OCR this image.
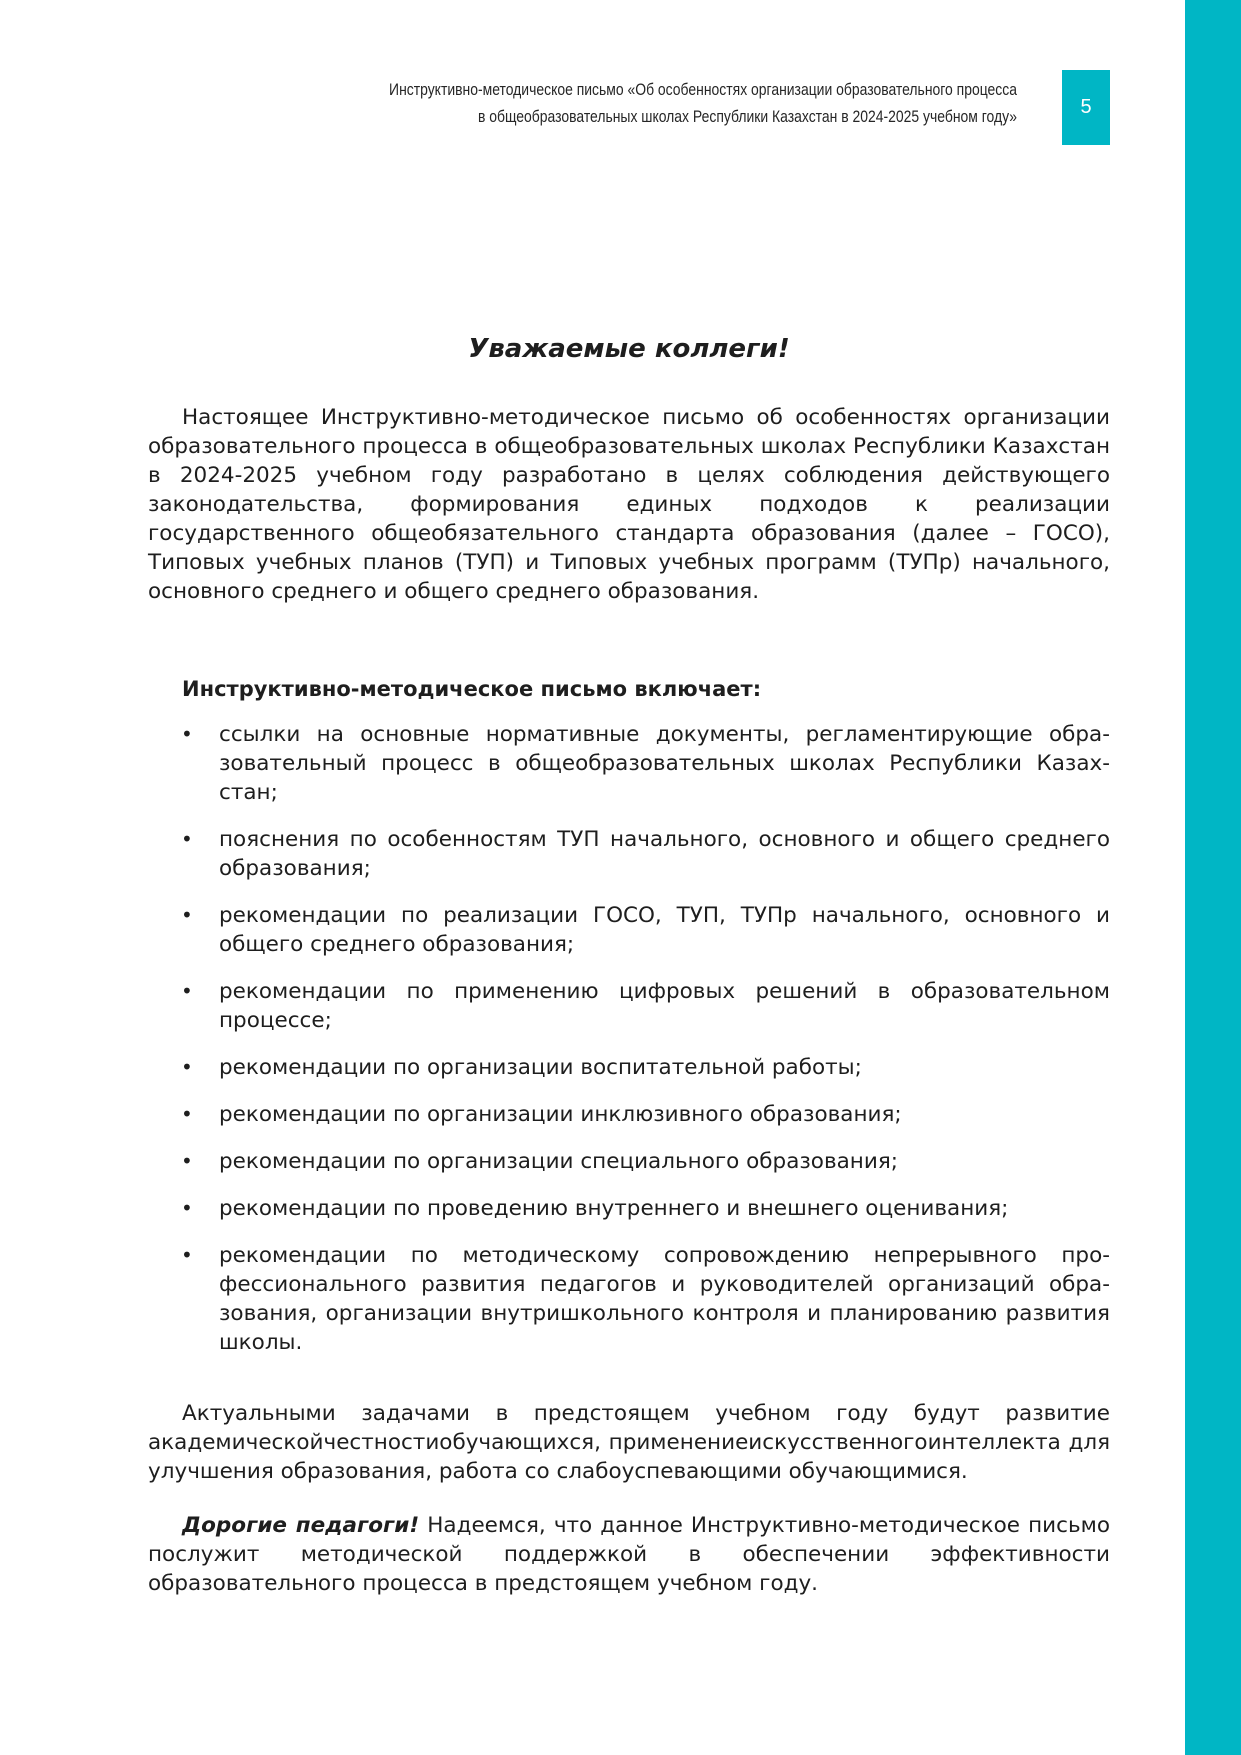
Инструктивно-методическое письмо «Об особенностях организации образовательного процесса
в общеобразовательных школах Республики Казахстан в 2024-2025 учебном году»	5
Уважаемые коллеги!

Настоящее Инструктивно-методическое письмо об особенностях организации образовательного процесса в общеобразовательных школах Республики Казахстан в 2024-2025 учебном году разработано в целях соблюдения действующего законодательства, формирования единых подходов к реализации государственного общеобязательного стандарта образования (далее – ГОСО), Типовых учебных планов (ТУП) и Типовых учебных программ (ТУПр) начального, основного среднего и общего среднего образования.

Инструктивно-методическое письмо включает:
• ссылки на основные нормативные документы, регламентирующие образовательный процесс в общеобразовательных школах Республики Казахстан;
• пояснения по особенностям ТУП начального, основного и общего среднего образования;
• рекомендации по реализации ГОСО, ТУП, ТУПр начального, основного и общего среднего образования;
• рекомендации по применению цифровых решений в образовательном процессе;
• рекомендации по организации воспитательной работы;
• рекомендации по организации инклюзивного образования;
• рекомендации по организации специального образования;
• рекомендации по проведению внутреннего и внешнего оценивания;
• рекомендации по методическому сопровождению непрерывного профессионального развития педагогов и руководителей организаций образования, организации внутришкольного контроля и планированию развития школы.

Актуальными задачами в предстоящем учебном году будут развитие академическойчестностиобучающихся, применениеискусственногоинтеллекта для улучшения образования, работа со слабоуспевающими обучающимися.

Дорогие педагоги! Надеемся, что данное Инструктивно-методическое письмо послужит методической поддержкой в обеспечении эффективности образовательного процесса в предстоящем учебном году.
